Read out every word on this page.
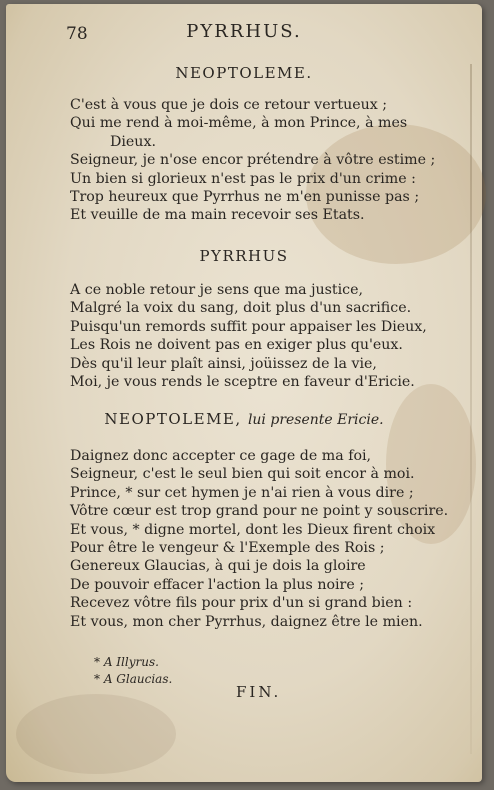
78	PYRRHUS.
NEOPTOLEME.
C'est à vous que je dois ce retour vertueux ;
Qui me rend à moi-même, à mon Prince, à mes
Dieux.
Seigneur, je n'ose encor prétendre à vôtre estime ;
Un bien si glorieux n'est pas le prix d'un crime :
Trop heureux que Pyrrhus ne m'en punisse pas ;
Et veuille de ma main recevoir ses Etats.
PYRRHUS
A ce noble retour je sens que ma justice,
Malgré la voix du sang, doit plus d'un sacrifice.
Puisqu'un remords suffit pour appaiser les Dieux,
Les Rois ne doivent pas en exiger plus qu'eux.
Dès qu'il leur plaît ainsi, joüissez de la vie,
Moi, je vous rends le sceptre en faveur d'Ericie.
NEOPTOLEME, lui presente Ericie.
Daignez donc accepter ce gage de ma foi,
Seigneur, c'est le seul bien qui soit encor à moi.
Prince, * sur cet hymen je n'ai rien à vous dire ;
Vôtre cœur est trop grand pour ne point y souscrire.
Et vous, * digne mortel, dont les Dieux firent choix
Pour être le vengeur & l'Exemple des Rois ;
Genereux Glaucias, à qui je dois la gloire
De pouvoir effacer l'action la plus noire ;
Recevez vôtre fils pour prix d'un si grand bien :
Et vous, mon cher Pyrrhus, daignez être le mien.
* A Illyrus.
* A Glaucias.
FIN.
